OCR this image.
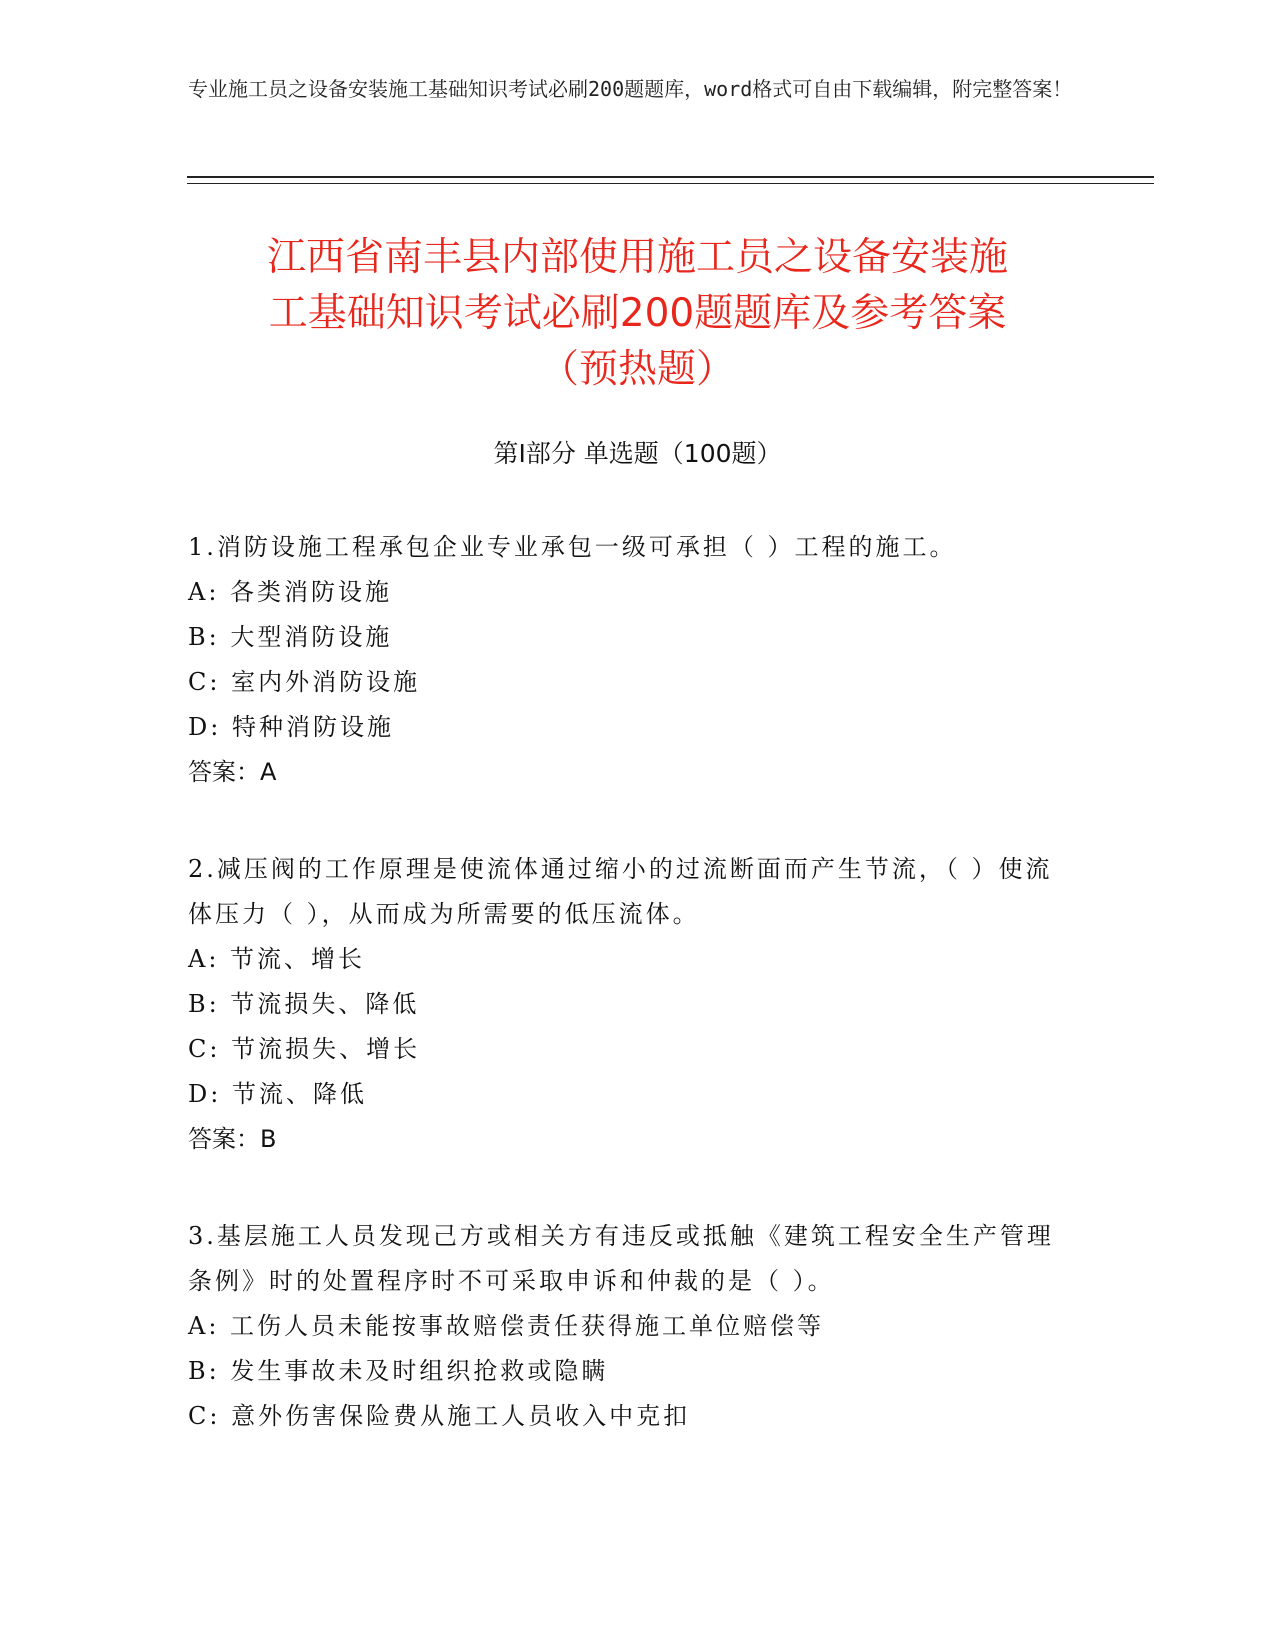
专业施工员之设备安装施工基础知识考试必刷200题题库，word格式可自由下载编辑，附完整答案！
江西省南丰县内部使用施工员之设备安装施
工基础知识考试必刷200题题库及参考答案
（预热题）
第Ⅰ部分 单选题（100题）
1.消防设施工程承包企业专业承包一级可承担（ ）工程的施工。
A: 各类消防设施
B: 大型消防设施
C: 室内外消防设施
D: 特种消防设施
答案：A
2.减压阀的工作原理是使流体通过缩小的过流断面而产生节流，（ ）使流体压力（ ），从而成为所需要的低压流体。
A: 节流、增长
B: 节流损失、降低
C: 节流损失、增长
D: 节流、降低
答案：B
3.基层施工人员发现己方或相关方有违反或抵触《建筑工程安全生产管理条例》时的处置程序时不可采取申诉和仲裁的是（ ）。
A: 工伤人员未能按事故赔偿责任获得施工单位赔偿等
B: 发生事故未及时组织抢救或隐瞒
C: 意外伤害保险费从施工人员收入中克扣
